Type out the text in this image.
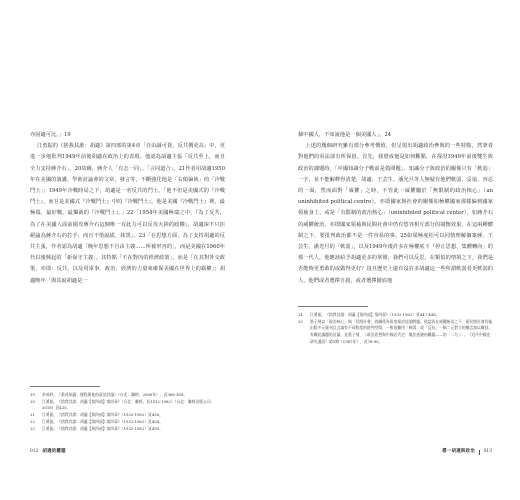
亦固適可比。」19
江勇振的《捨我其誰：胡適》第四部的第4章「自由誠可貴，反共價更高」中，更進一步地批判1949年前後胡適在政治上的表現。他認為胡適主張「反共至上，而且全力支持蔣介石」。20故稱，蔣介人「有志一同」。「言同道合」。21作者用胡適1950年在美國的演講、學術討論會的文章，發言等，不斷強化他是「右傾偏執」的「冷戰鬥士」；1949年冷戰時局之下，胡適是一名反共的鬥士。「他不但是美國式的『冷戰鬥士』，而且是美國式『冷戰鬥士』中的『冷戰鬥士』。他是美國『冷戰鬥士』裡，最極端、最好戰，最獨裁的『冷戰鬥士』。」22「1954年美國極端之中，『為了反共，為了在美國人面前圍攻蔣介石這個唯一有此力可以反攻大陸的政權』，胡適深不只拒絕論為蔣介石的打手，而且不惜說謊、抹黑」。23「在思想方面，為了支持胡適的反共主張，作者認為胡適「晚年思想不自由主義……所被形容的」，而是美國在1960年代以後興起的「新保守主義」。其特點「不在對內的經濟政策」，而是「在其對外交政策，亦即：反共，以及用軍事、政治、經濟的力量來確保美國在世界上的霸權」；胡適晚年「與其說胡適是一
19	余英時，《重尋胡適：歷程與他的政治評論》（台北：聯經，2006年），頁368-369。
20	江勇振，《捨我其誰：胡適【第四部】第四章》（台北：聯經，頁1932-1962）（台北：聯經出版公司，2018）頁435。
21	江勇振，《捨我其誰：胡適【第四部】第四章》（1932-1962）頁436。
22	江勇振，《捨我其誰：胡適【第四部】第四章》（1932-1962）頁454。
23	江勇振，《捨我其誰：胡適【第四部】第四章》（1932-1962）頁499。
012 胡適的難題
個中國人，不如說他是一個美國人」。24
上述的幾個研究雖有部分參考價值，但呈現出胡適政治參與的一些特點，然筆者對他們的看法卻有所保留。首先，我覺成他是如何斷點，在探討1949年前後雙生與政治的課題時，「中國知識分子戰前是偽問題」。知識分子與政治的關係只有「軟弱」一字，並不能解釋得清楚，胡適、王芸生、潘光旦等人無疑有他們軟弱、妥協、容忍的一面，然而面對「威權」之時，不管此一威權屬於「無限制的政治核心」（an uninhibited political centre）。亦即國家與社會的關係如極權國家那樣偏到國家領袖身上，或是「有限制的政治核心」（uninhibited political center），如蔣介石的威權統治。亦即國家領袖與民間社會中仍有悠容相互部分的制衡效果，在這兩種體制之下，要批判政治都不是一件容易的事。25如果極度松可以同情理解個案蔣、王芸生、潘光旦的「軟弱」，以及1949年後許多在極權底下「停止思想、集體轉向」的那一代人，他應該給予胡適更多的掌聲，我們可以反思，在類似的情境之下，我們是否能夠更勇敢的或做得更好？沒且歷史上還有沒許多胡適這一些所謂軟弱者更軟弱的人，他們或者選擇自殺，或者選擇徹底地
24	江勇振，《捨我其誰：胡適【第四部】第四章》（1932-1962）頁447-448。
25	墨子刻以「政治核心」與「民間社會」的關係為角度探討這個問題。他認為在威權統治之下，兩民間社會仍能出版多元報刊且言論有不同程度的批判空間，一般很難用「軟弱」或「反抗」一類二元對立的概念加以概括。有關此議題的討論，見墨子刻，〈政治思想與中國近代史：無法逃避的難題——的「二分」〉，《近代中國史研究通訊》第5期（1987年），頁76-90。
導一胡適與政治 013
